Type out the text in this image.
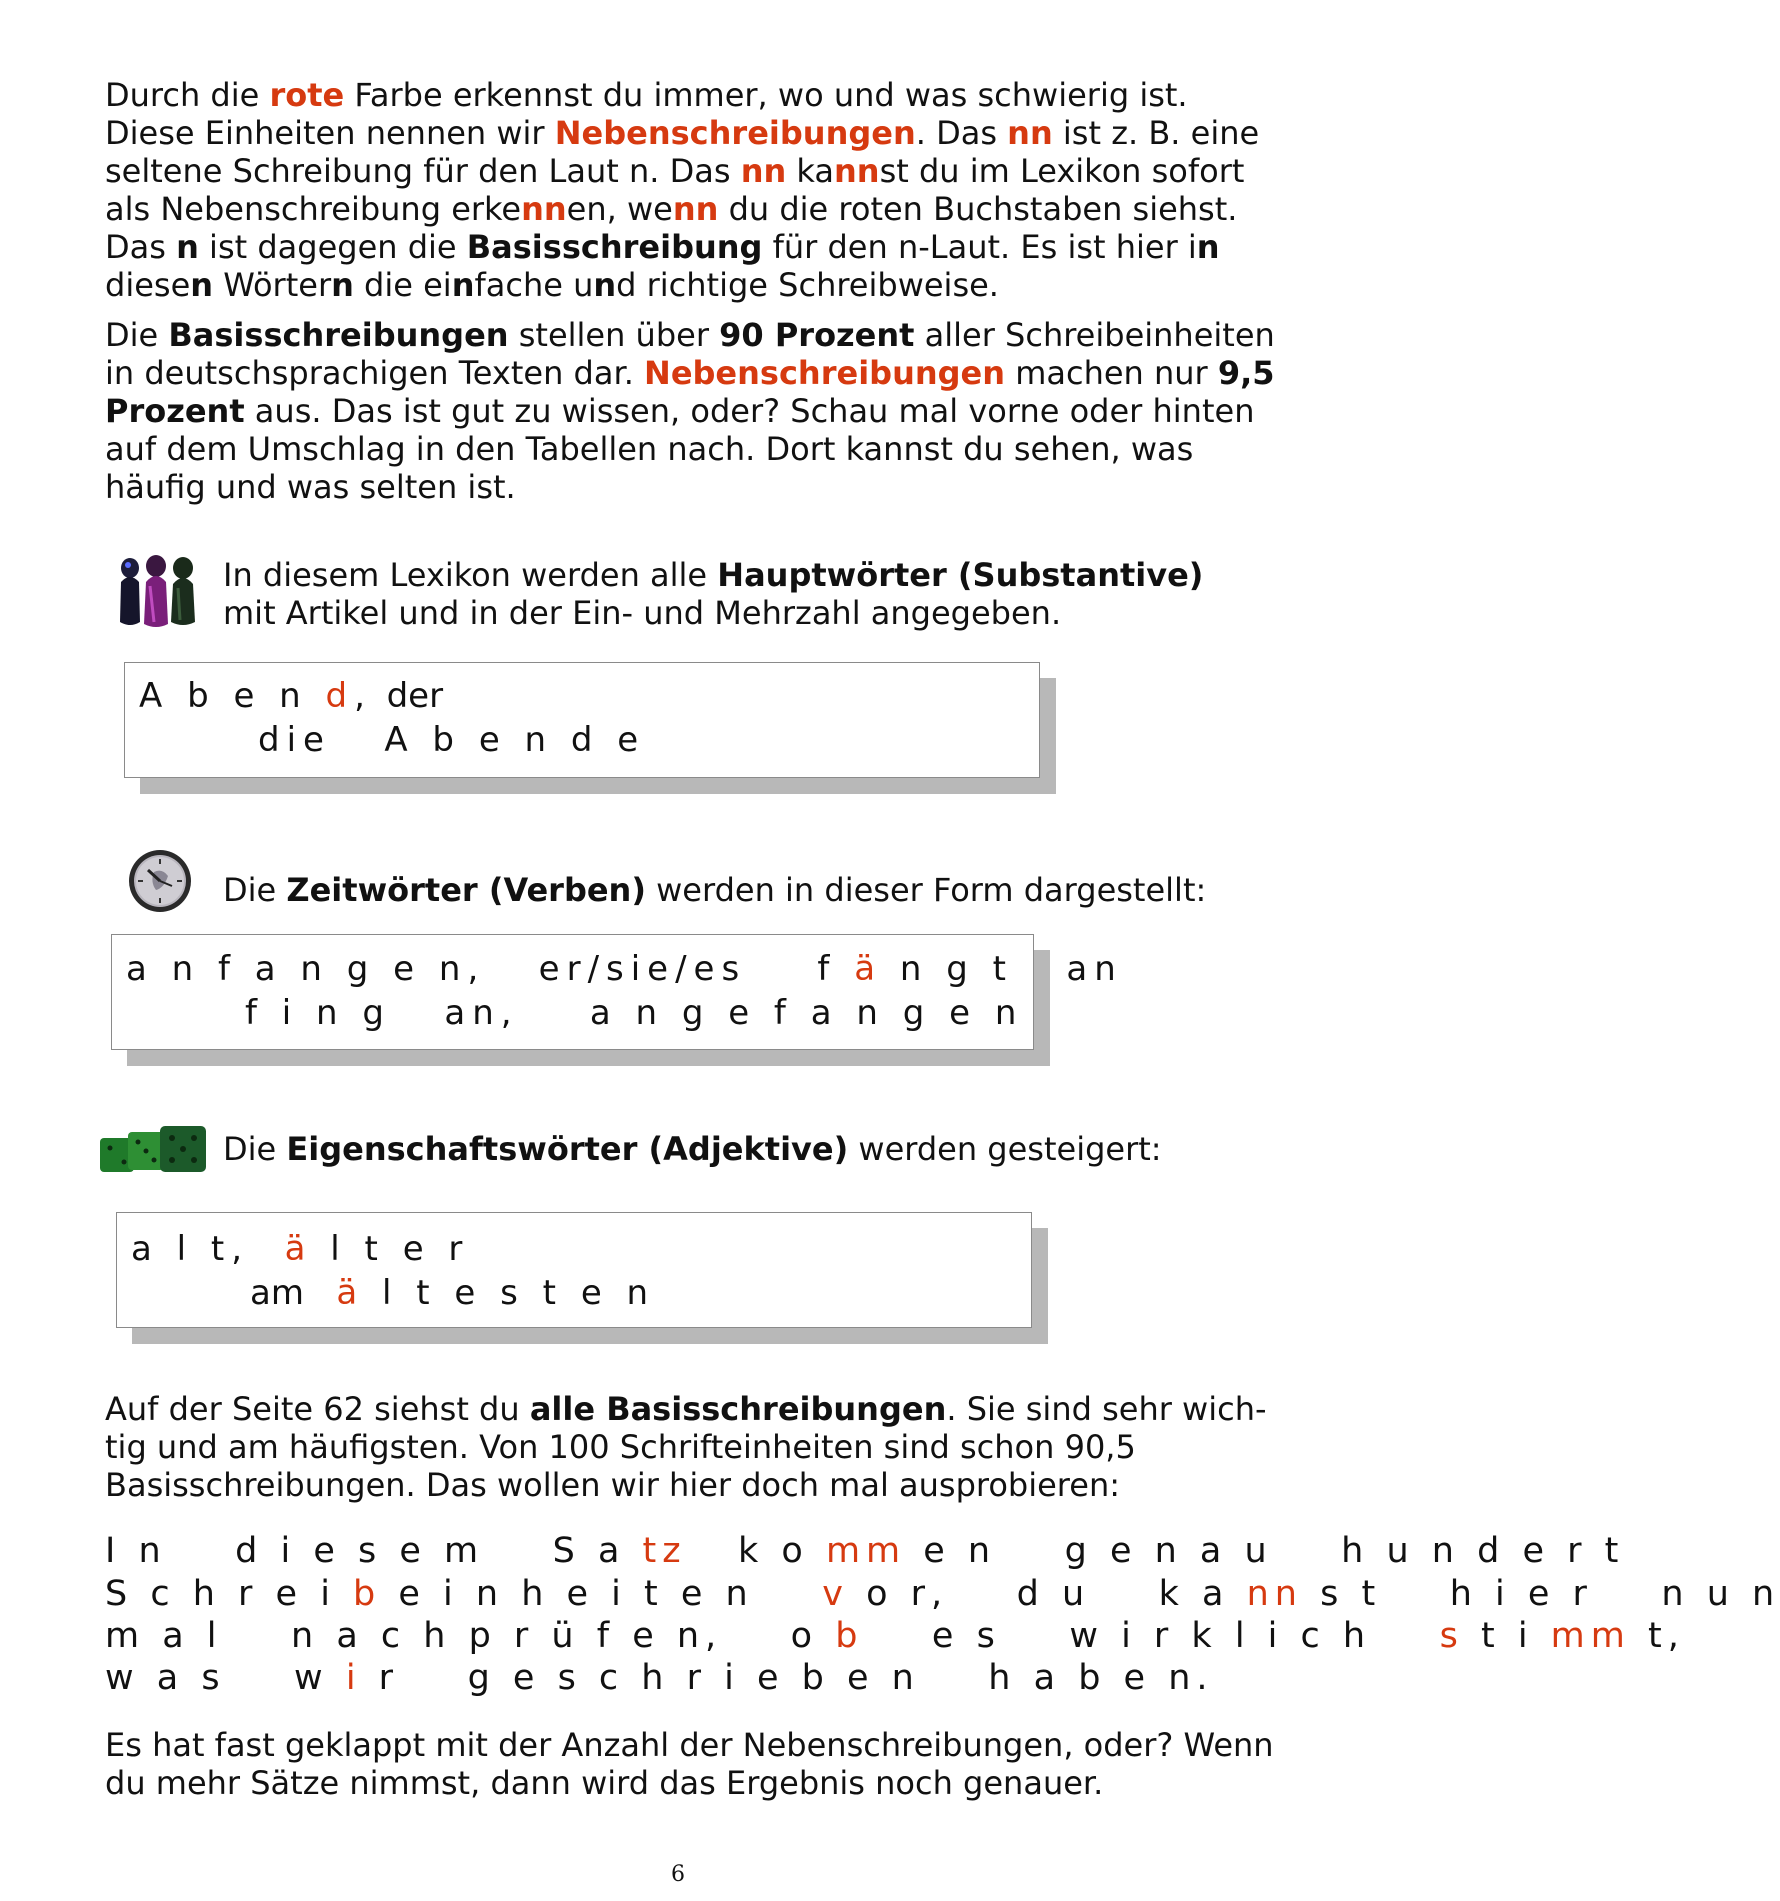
Durch die rote Farbe erkennst du immer, wo und was schwierig ist. Diese Einheiten nennen wir Nebenschreibungen. Das nn ist z. B. eine seltene Schreibung für den Laut n. Das nn kannst du im Lexikon sofort als Nebenschreibung erkennen, wenn du die roten Buchstaben siehst. Das n ist dagegen die Basisschreibung für den n-Laut. Es ist hier in diesen Wörtern die einfache und richtige Schreibweise.

Die Basisschreibungen stellen über 90 Prozent aller Schreibeinheiten in deutschsprachigen Texten dar. Nebenschreibungen machen nur 9,5 Prozent aus. Das ist gut zu wissen, oder? Schau mal vorne oder hinten auf dem Umschlag in den Tabellen nach. Dort kannst du sehen, was häufig und was selten ist.

In diesem Lexikon werden alle Hauptwörter (Substantive)
mit Artikel und in der Ein- und Mehrzahl angegeben.

A b e n d,  der
die   A b e n d e

Die Zeitwörter (Verben) werden in dieser Form dargestellt:

a n f a n g e n,   er/sie/es    f ä n g t   an
f i n g   an,    a n g e f a n g e n

Die Eigenschaftswörter (Adjektive) werden gesteigert:

a l t,  ä l t e r
am   ä l t e s t e n

Auf der Seite 62 siehst du alle Basisschreibungen. Sie sind sehr wich-tig und am häufigsten. Von 100 Schrifteinheiten sind schon 90,5 Basisschreibungen. Das wollen wir hier doch mal ausprobieren:

I n    d i e s e m    S a tz   k o mm e n    g e n a u    h u n d e r t
S c h r e i b e i n h e i t e n    v o r,    d u    k a nn s t    h i e r    n u n
m a l    n a c h p r ü f e n,    o b    e s    w i r k l i c h    s t i mm t,
w a s    w i r    g e s c h r i e b e n    h a b e n.

Es hat fast geklappt mit der Anzahl der Nebenschreibungen, oder? Wenn du mehr Sätze nimmst, dann wird das Ergebnis noch genauer.

6
